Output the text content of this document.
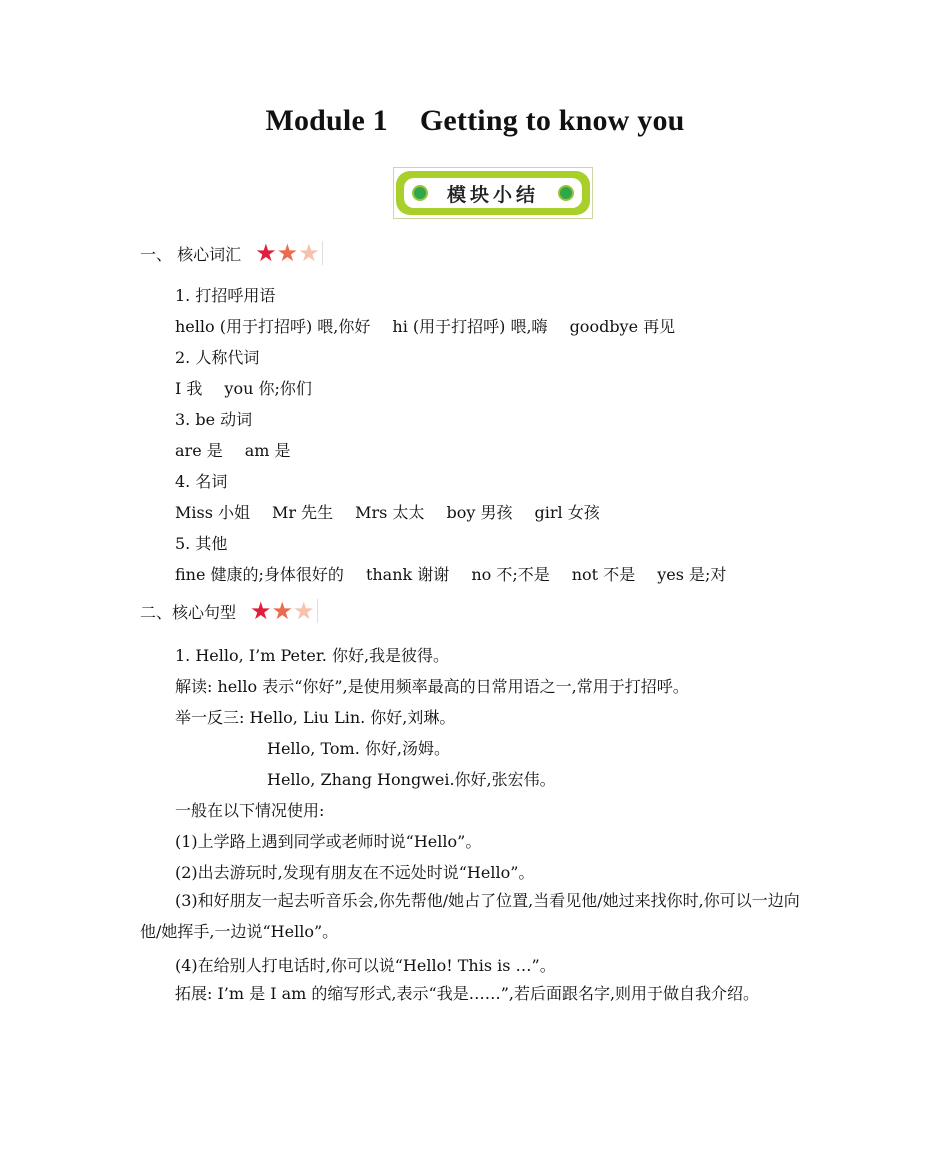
Module 1 Getting to know you
模块小结
一、 核心词汇 ★ ★ ★
1. 打招呼用语
hello (用于打招呼) 喂,你好 hi (用于打招呼) 喂,嗨 goodbye 再见
2. 人称代词
I 我 you 你;你们
3. be 动词
are 是 am 是
4. 名词
Miss 小姐 Mr 先生 Mrs 太太 boy 男孩 girl 女孩
5. 其他
fine 健康的;身体很好的 thank 谢谢 no 不;不是 not 不是 yes 是;对
二、核心句型 ★ ★ ★
1. Hello, I’m Peter. 你好,我是彼得。
解读: hello 表示“你好”,是使用频率最高的日常用语之一,常用于打招呼。
举一反三: Hello, Liu Lin. 你好,刘琳。
Hello, Tom. 你好,汤姆。
Hello, Zhang Hongwei.你好,张宏伟。
一般在以下情况使用:
(1)上学路上遇到同学或老师时说“Hello”。
(2)出去游玩时,发现有朋友在不远处时说“Hello”。

(3)和好朋友一起去听音乐会,你先帮他/她占了位置,当看见他/她过来找你时,你可以一边向他/她挥手,一边说“Hello”。

(4)在给别人打电话时,你可以说“Hello! This is …”。

拓展: I’m 是 I am 的缩写形式,表示“我是……”,若后面跟名字,则用于做自我介绍。
